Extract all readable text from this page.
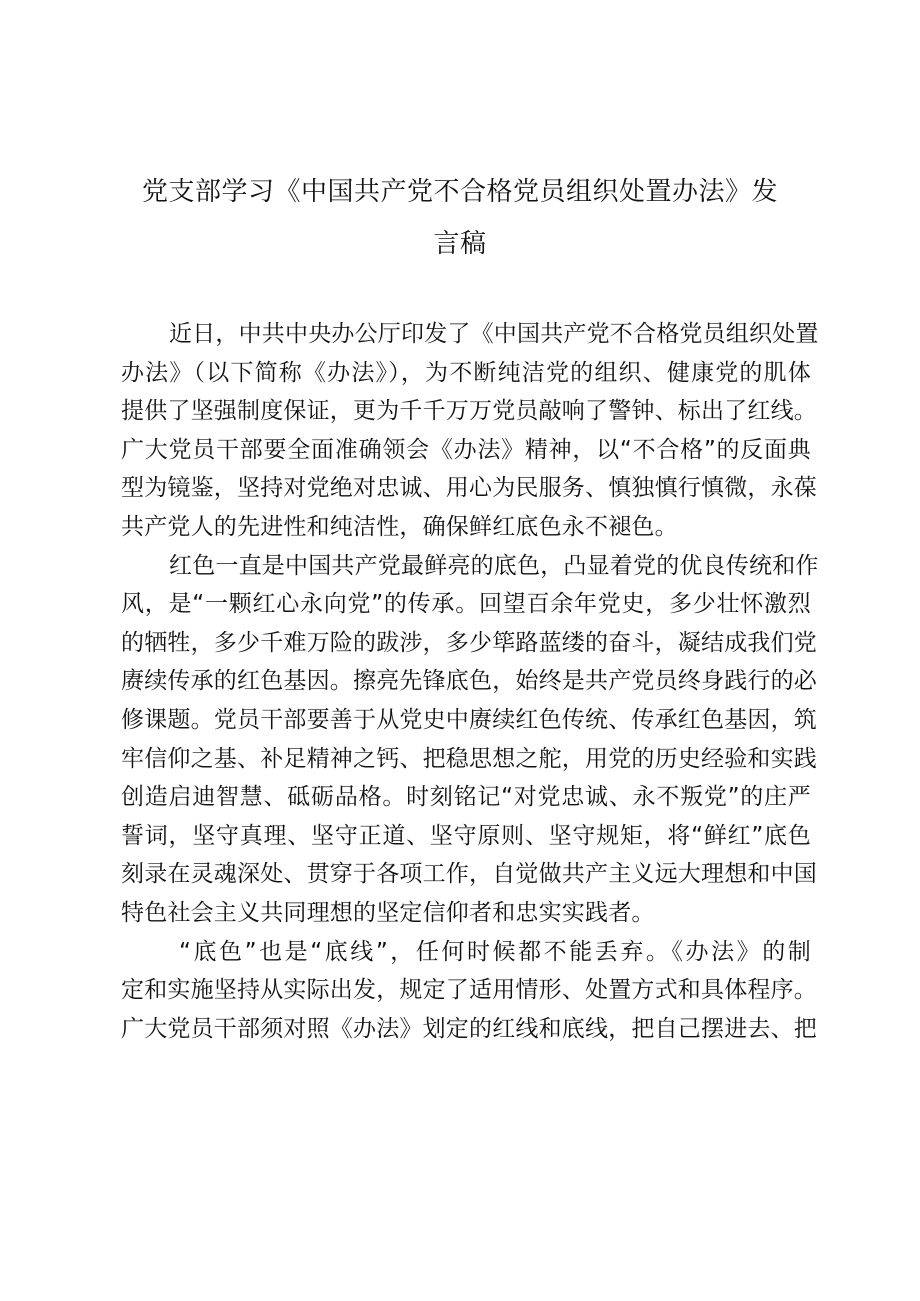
党支部学习《中国共产党不合格党员组织处置办法》发
言稿
近日，中共中央办公厅印发了《中国共产党不合格党员组织处置
办法》（以下简称《办法》），为不断纯洁党的组织、健康党的肌体
提供了坚强制度保证，更为千千万万党员敲响了警钟、标出了红线。
广大党员干部要全面准确领会《办法》精神，以“不合格”的反面典
型为镜鉴，坚持对党绝对忠诚、用心为民服务、慎独慎行慎微，永葆
共产党人的先进性和纯洁性，确保鲜红底色永不褪色。
红色一直是中国共产党最鲜亮的底色，凸显着党的优良传统和作
风，是“一颗红心永向党”的传承。回望百余年党史，多少壮怀激烈
的牺牲，多少千难万险的跋涉，多少筚路蓝缕的奋斗，凝结成我们党
赓续传承的红色基因。擦亮先锋底色，始终是共产党员终身践行的必
修课题。党员干部要善于从党史中赓续红色传统、传承红色基因，筑
牢信仰之基、补足精神之钙、把稳思想之舵，用党的历史经验和实践
创造启迪智慧、砥砺品格。时刻铭记“对党忠诚、永不叛党”的庄严
誓词，坚守真理、坚守正道、坚守原则、坚守规矩，将“鲜红”底色
刻录在灵魂深处、贯穿于各项工作，自觉做共产主义远大理想和中国
特色社会主义共同理想的坚定信仰者和忠实实践者。
“底色”也是“底线”，任何时候都不能丢弃。《办法》的制
定和实施坚持从实际出发，规定了适用情形、处置方式和具体程序。
广大党员干部须对照《办法》划定的红线和底线，把自己摆进去、把
